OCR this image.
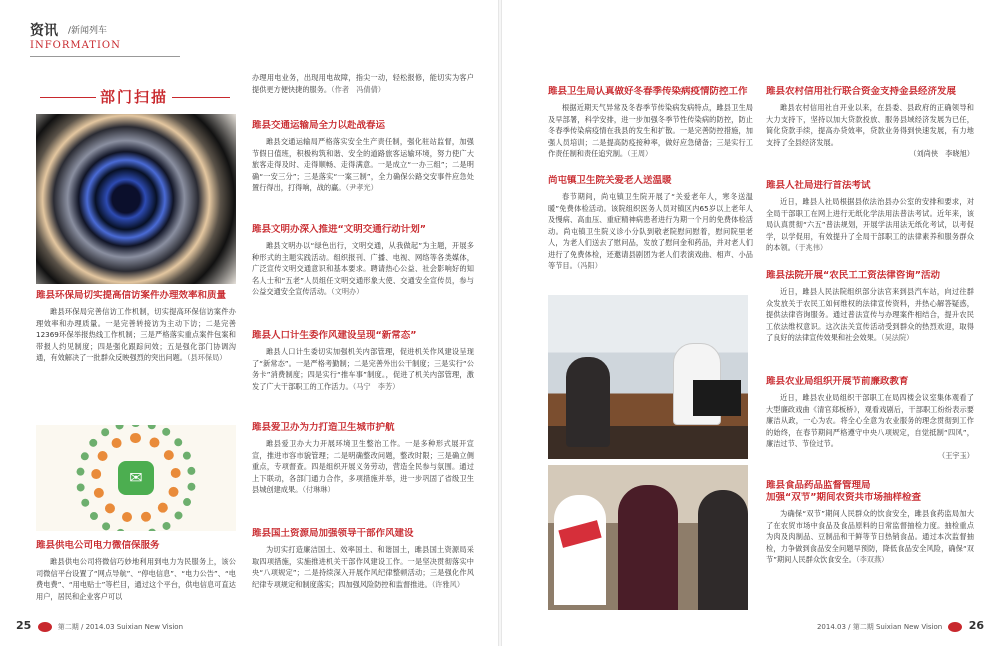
资讯 /新闻列车
INFORMATION
部门扫描

雎县环保局切实提高信访案件办理效率和质量

雎县环保局完善信访工作机制，切实提高环保信访案件办理效率和办理质量。一是完善转接访为主动下访；二是完善12369环保举报热线工作机制；三是严格落实重点案件包案和带报人约见制度；四是强化跟踪问效；五是强化部门协调沟通，有效解决了一批群众反映强烈的突出问题。（县环保局）

✉

雎县供电公司电力微信保服务

雎县供电公司将微信巧妙地利用到电力为民服务上，该公司微信平台设置了“网点导航”、“停电信息”、“电力公告”、“电费电费”、“用电贴士”等栏目，通过这个平台，供电信息可直达用户，居民和企业客户可以

办理用电业务，出现用电故障，指尖一动，轻松报修，能切实为客户提供更方便快捷的服务。（作者　冯倩倩）

雎县交通运输局全力以赴战春运

雎县交通运输局严格落实安全生产责任制，强化驻站监督，加强节假日值班，积极构筑和谐、安全的道路旅客运输环境，努力使广大旅客走得及时、走得顺畅、走得满意。一是成立“一办三组”；二是明确“一安三分”；三是落实“一案三制”，全力确保公路交安事件应急处置行得出，打得响，战的赢。（尹孝光）

雎县文明办深入推进“文明交通行动计划”

雎县文明办以“绿色出行，文明交通，从我做起”为主题，开展多种形式的主题实践活动。组织报刊、广播、电视、网络等各类媒体，广泛宣传文明交通意识和基本要求。聘请热心公益、社会影响好的知名人士和“五老”人员组任文明交通形象大使、交通安全宣传员，参与公益交通安全宣传活动。（文明办）

雎县人口计生委作风建设呈现“新常态”

雎县人口计生委切实加强机关内部管理，促进机关作风建设呈现了“新常态”。一是严格考勤制；二是完善外出公干制度；三是实行“公务卡”消费制度；四是实行“推车事”制度。，促进了机关内部管理，激发了广大干部职工的工作活力。（马宁　李芳）

雎县爱卫办为力打造卫生城市护航

雎县爱卫办大力开展环境卫生整治工作。一是多种形式展开宣宣，推进市容市貌管理；二是明确整改问题，整改时限；三是确立侧重点，专项督查。四是组织开展义务劳动，营造全民参与氛围。通过上下联动，各部门通力合作，多项措施并举，进一步巩固了省级卫生县城创建成果。（付琳琳）

雎县国土资源局加强领导干部作风建设

为切实打造廉洁国土、效率国土、和谐国土，雎县国土资源局采取四项措施，实施推进机关干部作风建设工作。一是坚决贯彻落实中央“八项规定”；二是持续深入开展作风纪律整顿活动；三是强化作风纪律专项规定和制度落实；四加强风险防控和监督推进。（许雅风）

25	第二期 / 2014.03 Suixian New Vision

雎县卫生局认真做好冬春季传染病疫情防控工作

根据近期天气异常及冬春季节传染病发病特点，雎县卫生局及早部署，科学安排，进一步加强冬季节性传染病的防控，防止冬春季传染病疫情在我县的发生和扩散。一是完善防控措施，加强人员培训；二是提高防疫接种率，做好应急储备；三是实行工作责任制和责任追究制。（王周）

尚屯镇卫生院关爱老人送温暖

春节期间，尚屯镇卫生院开展了“关爱老年人，寒冬送温暖”免费体检活动。该院组织医务人员对镇区内65岁以上老年人及慢病、高血压、重症精神病患者进行为期一个月的免费体检活动。尚屯镇卫生院义诊小分队到敬老院慰问慰着，慰问院里老人，为老人们送去了慰问品，发放了慰问金和药品，并对老人们进行了免费体检，还邀请县剧团为老人们表演戏曲、相声、小品等节目。（冯阳）

雎县农村信用社行联合资金支持金县经济发展

雎县农村信用社自开业以来，在县委、县政府的正确领导和大力支持下，坚持以加大贷款投放、服务县域经济发展为已任，简化贷款手续，提高办贷效率，贷款业务得到快速发展，有力地支持了全县经济发展。

（刘尚侠　李晓旭）

雎县人社局进行首法考试

近日，雎县人社局根据县依法治县办公室的安排和要求，对全局干部职工在网上进行无纸化学法用法普法考试。近年来，该局认真贯彻“六五”普法规划，开展学法用法无纸化考试，以考促学，以学促用，有效提升了全局干部职工的法律素养和服务群众的本领。（于兆伟）

雎县法院开展“农民工工资法律咨询”活动

近日，雎县人民法院组织部分法官来到县汽车站，向过往群众发放关于农民工如何维权的法律宣传资料，并热心解答疑惑，提供法律咨询服务。通过普法宣传与办理案件相结合，提升农民工依法维权意识。这次法关宣传活动受到群众的热烈欢迎，取得了良好的法律宣传效果和社会效果。（吴法院）

雎县农业局组织开展节前廉政教育

近日，雎县农业局组织干部职工在局四楼会议室集体观看了大型廉政戏曲《清官郑板桥》，观看戏剧后，干部职工纷纷表示要廉洁从政，一心为农。将全心全意为农业服务的理念贯彻到工作的始终，在春节期间严格遵守中央八项规定，自觉抵制“四风”，廉洁过节、节俭过节。

（王宇玉）

雎县食品药品监督管理局

加强“双节”期间农资共市场抽样检查

为确保“双节”期间人民群众的饮食安全，雎县食药监局加大了在农贸市场中食品及食品原料的日常监督抽检力度。抽检重点为肉及肉制品、豆制品和干鲜等节日热销食品。通过本次监督抽检，力争做到食品安全问题早预防，降低食品安全风险，确保“双节”期间人民群众饮食安全。（李双燕）

2014.03 / 第二期 Suixian New Vision 26
